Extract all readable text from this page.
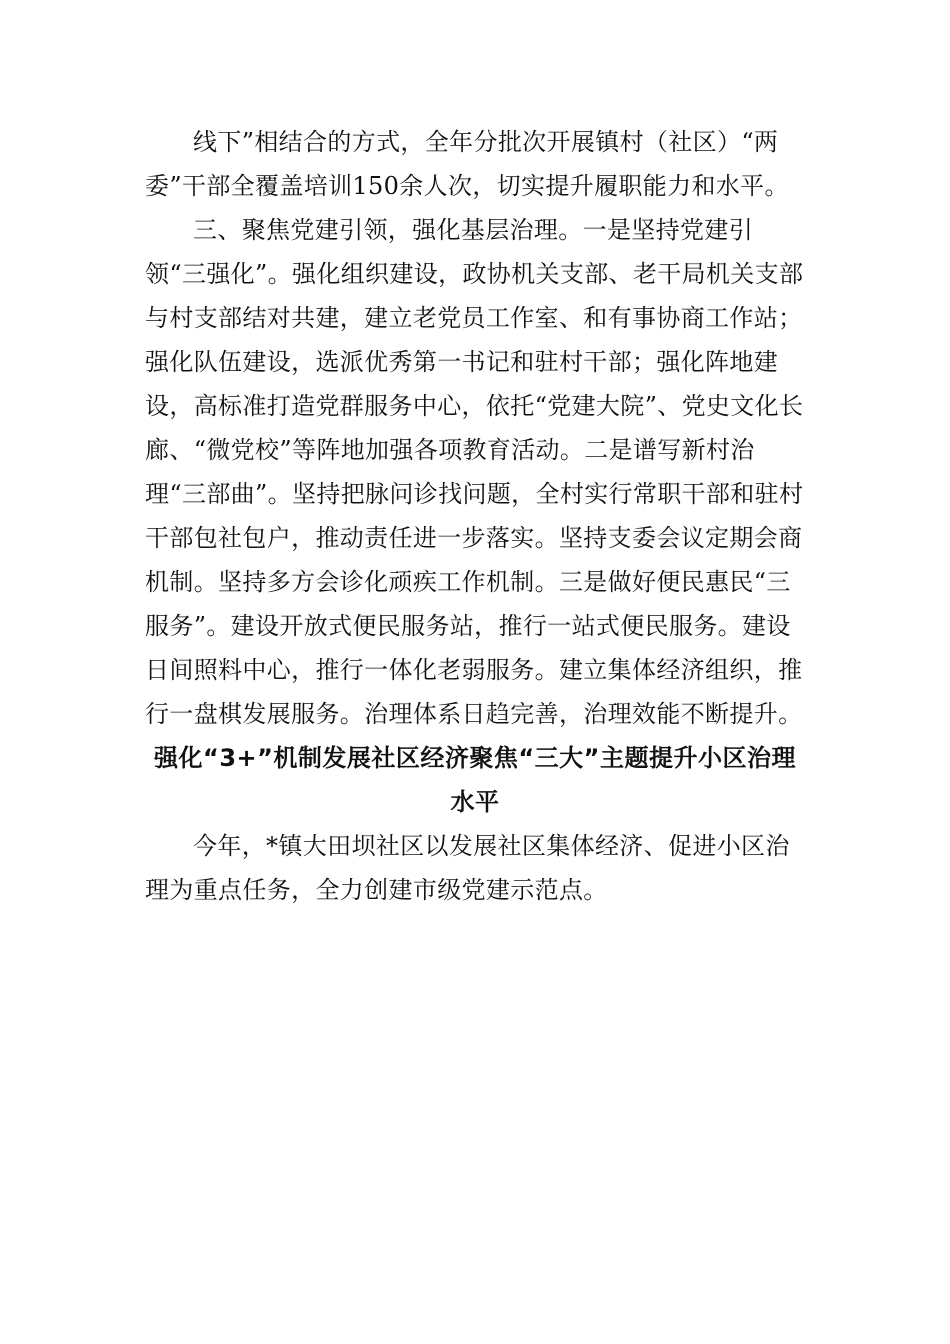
线下”相结合的方式，全年分批次开展镇村（社区）“两委”干部全覆盖培训150余人次，切实提升履职能力和水平。

三、聚焦党建引领，强化基层治理。一是坚持党建引领“三强化”。强化组织建设，政协机关支部、老干局机关支部与村支部结对共建，建立老党员工作室、和有事协商工作站；强化队伍建设，选派优秀第一书记和驻村干部；强化阵地建设，高标准打造党群服务中心，依托“党建大院”、党史文化长廊、“微党校”等阵地加强各项教育活动。二是谱写新村治理“三部曲”。坚持把脉问诊找问题，全村实行常职干部和驻村干部包社包户，推动责任进一步落实。坚持支委会议定期会商机制。坚持多方会诊化顽疾工作机制。三是做好便民惠民“三服务”。建设开放式便民服务站，推行一站式便民服务。建设日间照料中心，推行一体化老弱服务。建立集体经济组织，推行一盘棋发展服务。治理体系日趋完善，治理效能不断提升。

强化“3+”机制发展社区经济聚焦“三大”主题提升小区治理水平

今年，*镇大田坝社区以发展社区集体经济、促进小区治理为重点任务，全力创建市级党建示范点。
